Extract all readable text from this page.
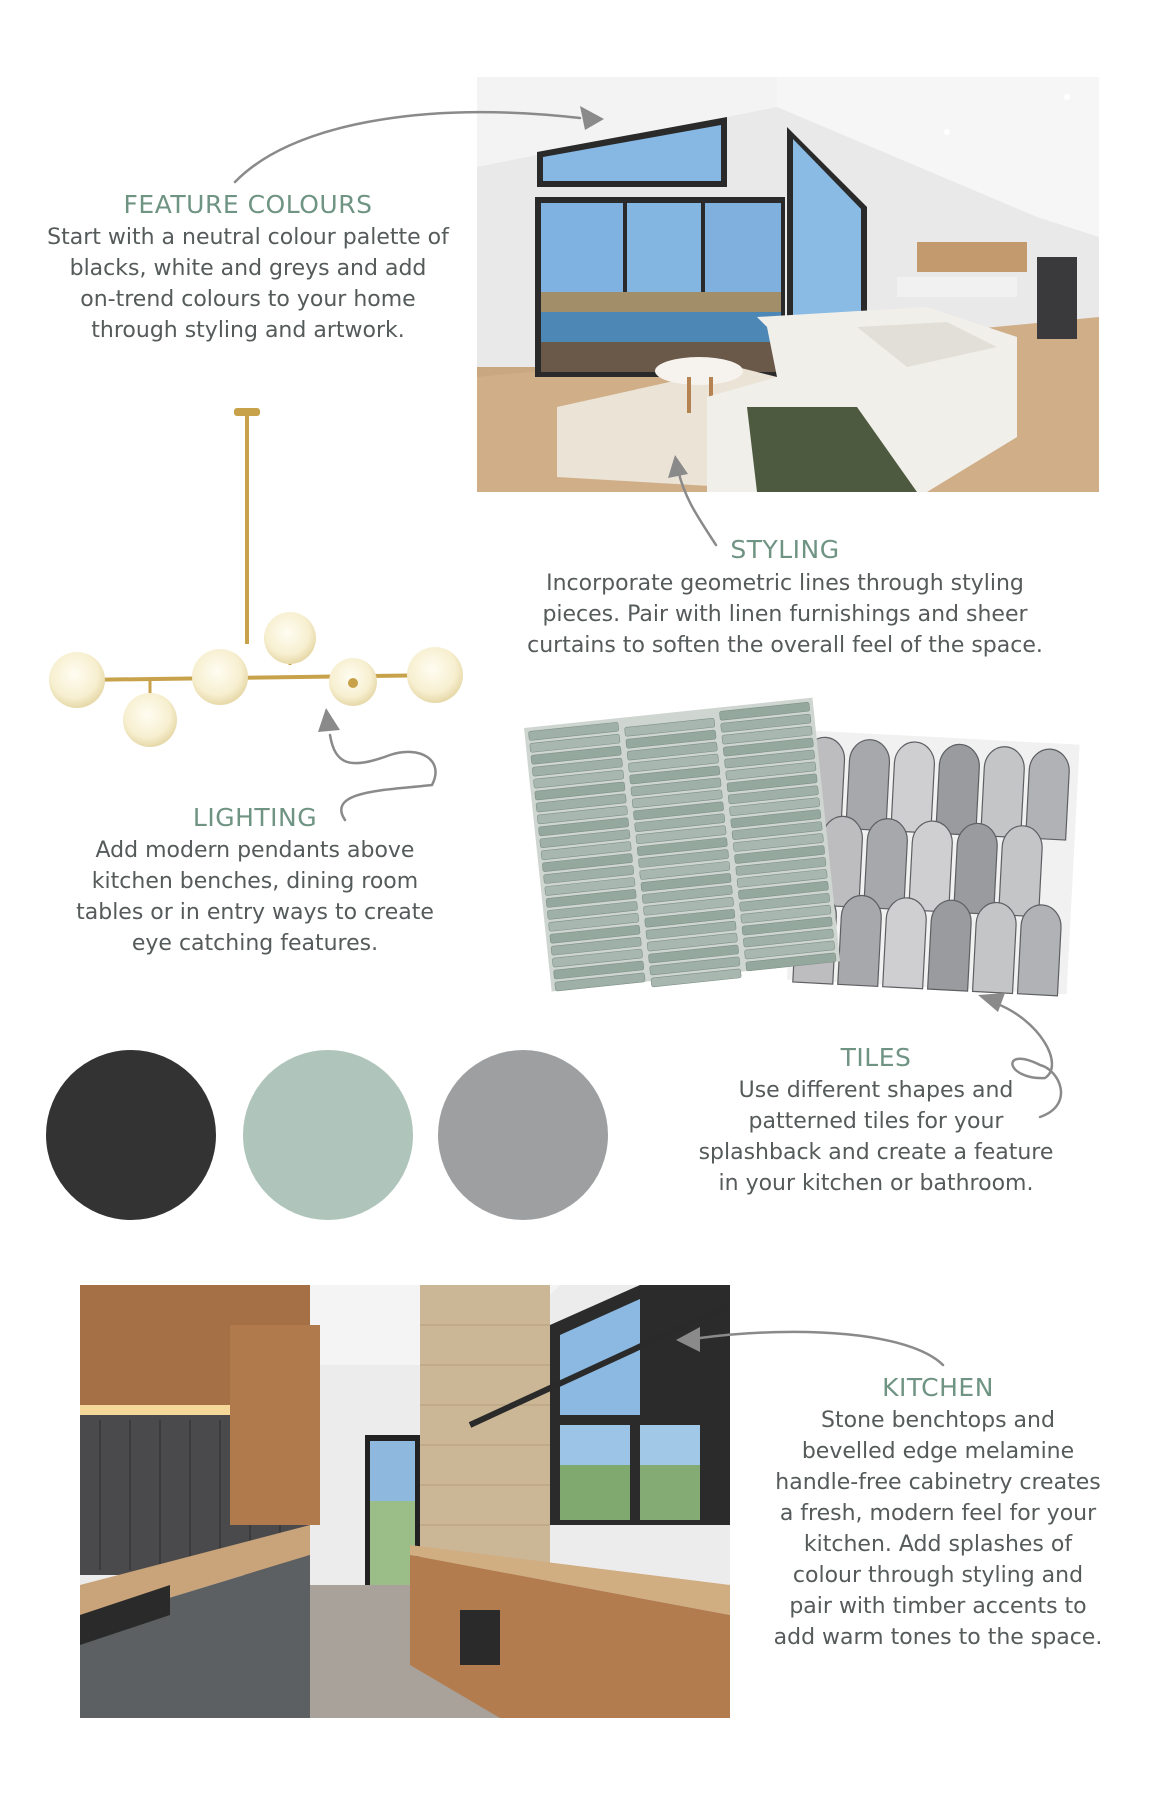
FEATURE COLOURS
Start with a neutral colour palette of
blacks, white and greys and add
on-trend colours to your home
through styling and artwork.
STYLING
Incorporate geometric lines through styling
pieces. Pair with linen furnishings and sheer
curtains to soften the overall feel of the space.
LIGHTING
Add modern pendants above
kitchen benches, dining room
tables or in entry ways to create
eye catching features.
TILES
Use different shapes and
patterned tiles for your
splashback and create a feature
in your kitchen or bathroom.
KITCHEN
Stone benchtops and
bevelled edge melamine
handle-free cabinetry creates
a fresh, modern feel for your
kitchen. Add splashes of
colour through styling and
pair with timber accents to
add warm tones to the space.
